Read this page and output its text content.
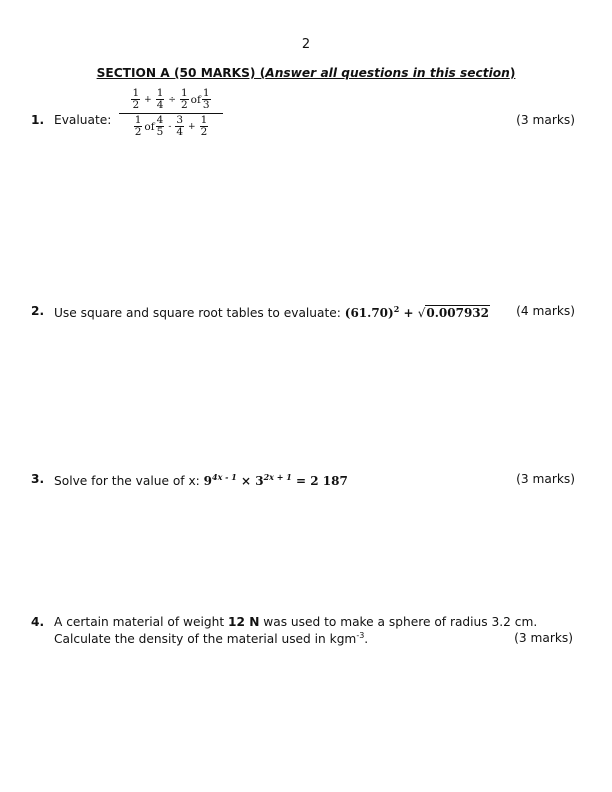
2
SECTION A (50 MARKS) (Answer all questions in this section)
1. Evaluate:
$\frac{1}{2} + \frac{1}{4} \div \frac{1}{2}$ of $\frac{1}{3}$
$\frac{1}{2}$ of $\frac{4}{5} - \frac{3}{4} + \frac{1}{2}$	(3 marks)
2. Use square and square root tables to evaluate: $(61.70)^2 + √0.007932$ (4 marks)
3. Solve for the value of x: $9^{4x - 1} \times 3^{2x + 1} = 2$ 187	(3 marks)
4. A certain material of weight 12 N was used to make a sphere of radius 3.2 cm.
Calculate the density of the material used in kgm$^{-3}$.	(3 marks)
